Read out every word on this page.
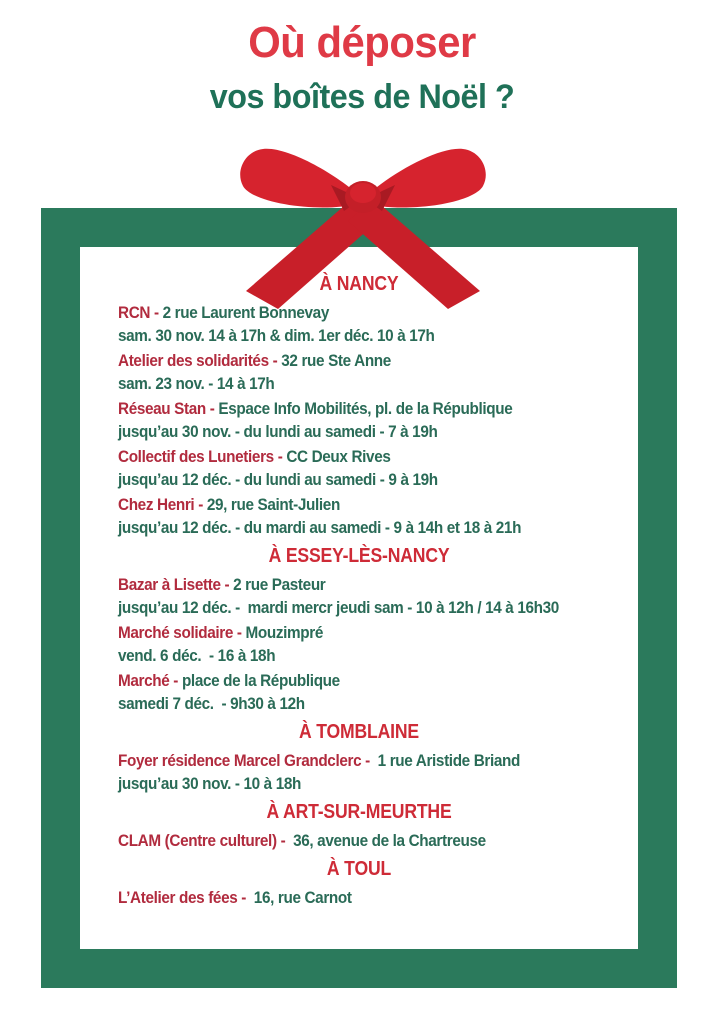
Où déposer
vos boîtes de Noël ?
À NANCY
RCN - 2 rue Laurent Bonnevay
sam. 30 nov. 14 à 17h & dim. 1er déc. 10 à 17h
Atelier des solidarités - 32 rue Ste Anne
sam. 23 nov. - 14 à 17h
Réseau Stan - Espace Info Mobilités, pl. de la République
jusqu’au 30 nov. - du lundi au samedi - 7 à 19h
Collectif des Lunetiers - CC Deux Rives
jusqu’au 12 déc. - du lundi au samedi - 9 à 19h
Chez Henri - 29, rue Saint-Julien
jusqu’au 12 déc. - du mardi au samedi - 9 à 14h et 18 à 21h
À ESSEY-LÈS-NANCY
Bazar à Lisette - 2 rue Pasteur
jusqu’au 12 déc. -  mardi mercr jeudi sam - 10 à 12h / 14 à 16h30
Marché solidaire - Mouzimpré
vend. 6 déc.  - 16 à 18h
Marché - place de la République
samedi 7 déc.  - 9h30 à 12h
À TOMBLAINE
Foyer résidence Marcel Grandclerc -  1 rue Aristide Briand
jusqu’au 30 nov. - 10 à 18h
À ART-SUR-MEURTHE
CLAM (Centre culturel) -  36, avenue de la Chartreuse
À TOUL
L’Atelier des fées -  16, rue Carnot
